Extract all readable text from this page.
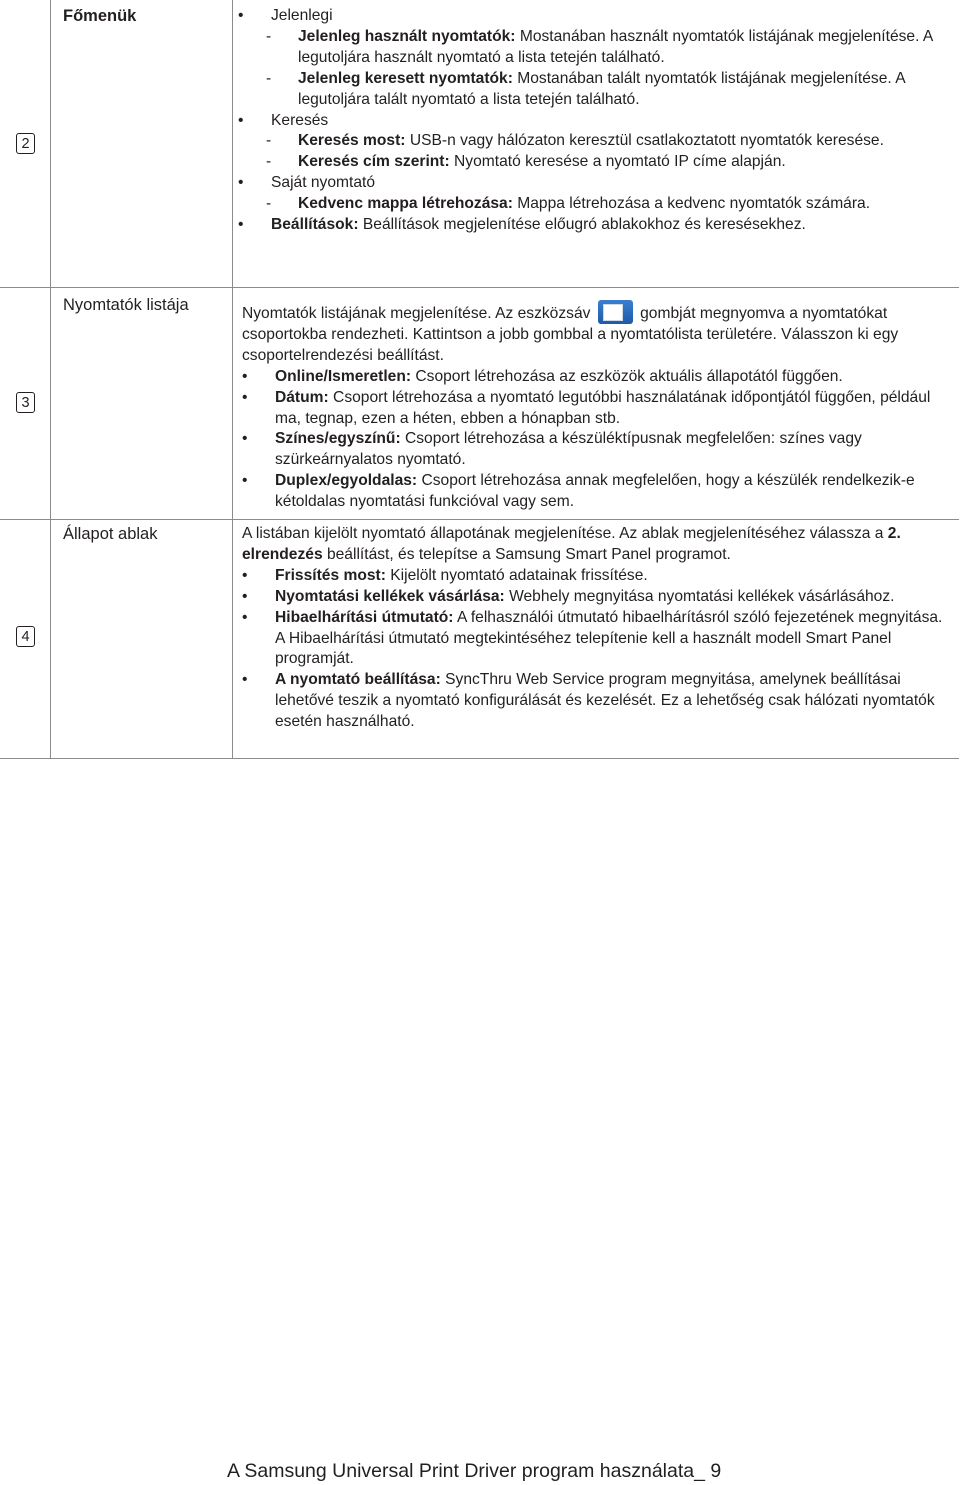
2
Főmenük

•	Jelenlegi

- Jelenleg használt nyomtatók: Mostanában használt nyomtatók listájának megjelenítése. A legutoljára használt nyomtató a lista tetején található.

- Jelenleg keresett nyomtatók: Mostanában talált nyomtatók listájának megjelenítése. A legutoljára talált nyomtató a lista tetején található.

• Keresés

- Keresés most: USB-n vagy hálózaton keresztül csatlakoztatott nyomtatók keresése.

- Keresés cím szerint: Nyomtató keresése a nyomtató IP címe alapján.

• Saját nyomtató

- Kedvenc mappa létrehozása: Mappa létrehozása a kedvenc nyomtatók számára.

• Beállítások: Beállítások megjelenítése előugró ablakokhoz és keresésekhez.

3
Nyomtatók listája	Nyomtatók listájának megjelenítése. Az eszközsáv	gombját megnyomva a nyomtatókat csoportokba rendezheti. Kattintson a jobb gombbal a nyomtatólista területére. Válasszon ki egy csoportelrendezési beállítást.

• Online/Ismeretlen: Csoport létrehozása az eszközök aktuális állapotától függően.

• Dátum: Csoport létrehozása a nyomtató legutóbbi használatának időpontjától függően, például ma, tegnap, ezen a héten, ebben a hónapban stb.

• Színes/egyszínű: Csoport létrehozása a készüléktípusnak megfelelően: színes vagy szürkeárnyalatos nyomtató.

• Duplex/egyoldalas: Csoport létrehozása annak megfelelően, hogy a készülék rendelkezik-e kétoldalas nyomtatási funkcióval vagy sem.

4
Állapot ablak	A listában kijelölt nyomtató állapotának megjelenítése. Az ablak megjelenítéséhez válassza a 2. elrendezés beállítást, és telepítse a Samsung Smart Panel programot.

• Frissítés most: Kijelölt nyomtató adatainak frissítése.

• Nyomtatási kellékek vásárlása: Webhely megnyitása nyomtatási kellékek vásárlásához.

• Hibaelhárítási útmutató: A felhasználói útmutató hibaelhárításról szóló fejezetének megnyitása. A Hibaelhárítási útmutató megtekintéséhez telepítenie kell a használt modell Smart Panel programját.

• A nyomtató beállítása: SyncThru Web Service program megnyitása, amelynek beállításai lehetővé teszik a nyomtató konfigurálását és kezelését. Ez a lehetőség csak hálózati nyomtatók esetén használható.

A Samsung Universal Print Driver program használata_ 9
